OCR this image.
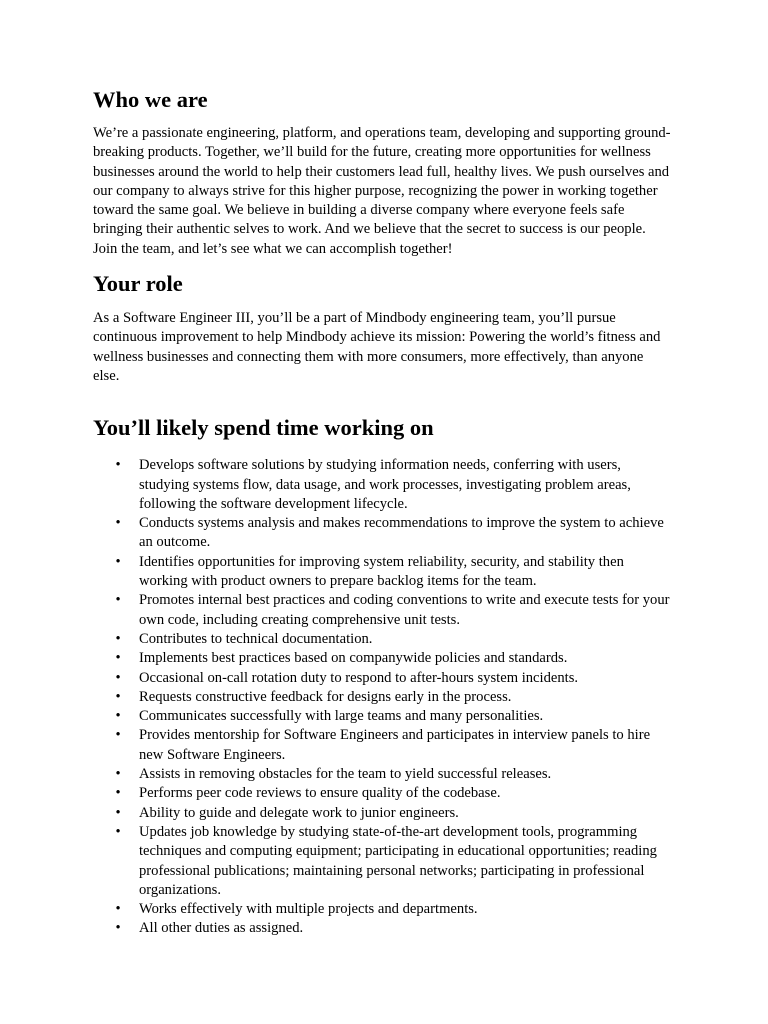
Who we are

We’re a passionate engineering, platform, and operations team, developing and supporting ground-breaking products. Together, we’ll build for the future, creating more opportunities for wellness businesses around the world to help their customers lead full, healthy lives. We push ourselves and our company to always strive for this higher purpose, recognizing the power in working together toward the same goal. We believe in building a diverse company where everyone feels safe bringing their authentic selves to work. And we believe that the secret to success is our people. Join the team, and let’s see what we can accomplish together!

Your role

As a Software Engineer III, you’ll be a part of Mindbody engineering team, you’ll pursue continuous improvement to help Mindbody achieve its mission: Powering the world’s fitness and wellness businesses and connecting them with more consumers, more effectively, than anyone else.

You’ll likely spend time working on
• Develops software solutions by studying information needs, conferring with users, studying systems flow, data usage, and work processes, investigating problem areas, following the software development lifecycle.
• Conducts systems analysis and makes recommendations to improve the system to achieve an outcome.
• Identifies opportunities for improving system reliability, security, and stability then working with product owners to prepare backlog items for the team.
• Promotes internal best practices and coding conventions to write and execute tests for your own code, including creating comprehensive unit tests.
• Contributes to technical documentation.
• Implements best practices based on companywide policies and standards.
• Occasional on-call rotation duty to respond to after-hours system incidents.
• Requests constructive feedback for designs early in the process.
• Communicates successfully with large teams and many personalities.
• Provides mentorship for Software Engineers and participates in interview panels to hire new Software Engineers.
• Assists in removing obstacles for the team to yield successful releases.
• Performs peer code reviews to ensure quality of the codebase.
• Ability to guide and delegate work to junior engineers.
• Updates job knowledge by studying state-of-the-art development tools, programming techniques and computing equipment; participating in educational opportunities; reading professional publications; maintaining personal networks; participating in professional organizations.
• Works effectively with multiple projects and departments.
• All other duties as assigned.
